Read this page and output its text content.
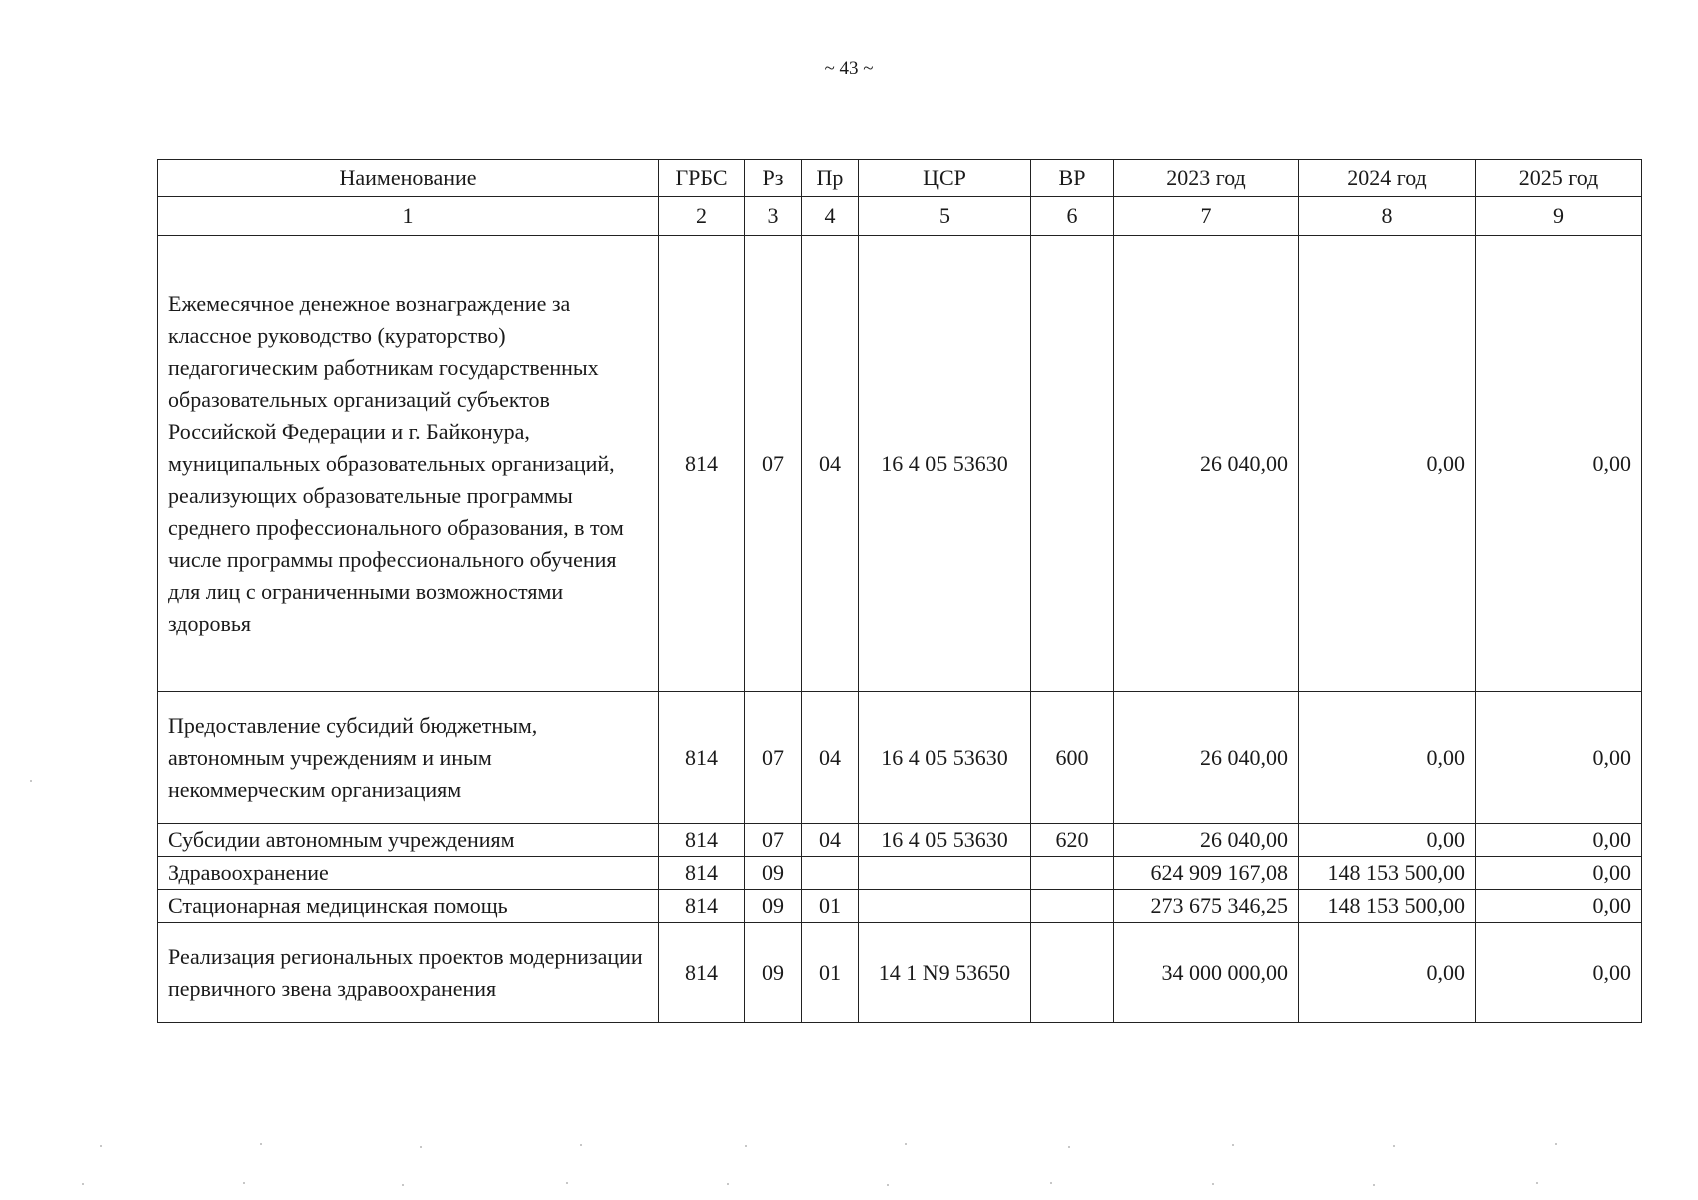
~ 43 ~
Наименование	ГРБС	Рз	Пр	ЦСР	ВР	2023 год	2024 год	2025 год
1	2	3	4	5	6	7	8	9
Ежемесячное денежное вознаграждение за классное руководство (кураторство) педагогическим работникам государственных образовательных организаций субъектов Российской Федерации и г. Байконура, муниципальных образовательных организаций, реализующих образовательные программы среднего профессионального образования, в том числе программы профессионального обучения для лиц с ограниченными возможностями здоровья	814	07	04	16 4 05 53630		26 040,00	0,00	0,00
Предоставление субсидий бюджетным, автономным учреждениям и иным некоммерческим организациям	814	07	04	16 4 05 53630	600	26 040,00	0,00	0,00
Субсидии автономным учреждениям	814	07	04	16 4 05 53630	620	26 040,00	0,00	0,00
Здравоохранение	814	09				624 909 167,08	148 153 500,00	0,00
Стационарная медицинская помощь	814	09	01			273 675 346,25	148 153 500,00	0,00
Реализация региональных проектов модернизации первичного звена здравоохранения	814	09	01	14 1 N9 53650		34 000 000,00	0,00	0,00
